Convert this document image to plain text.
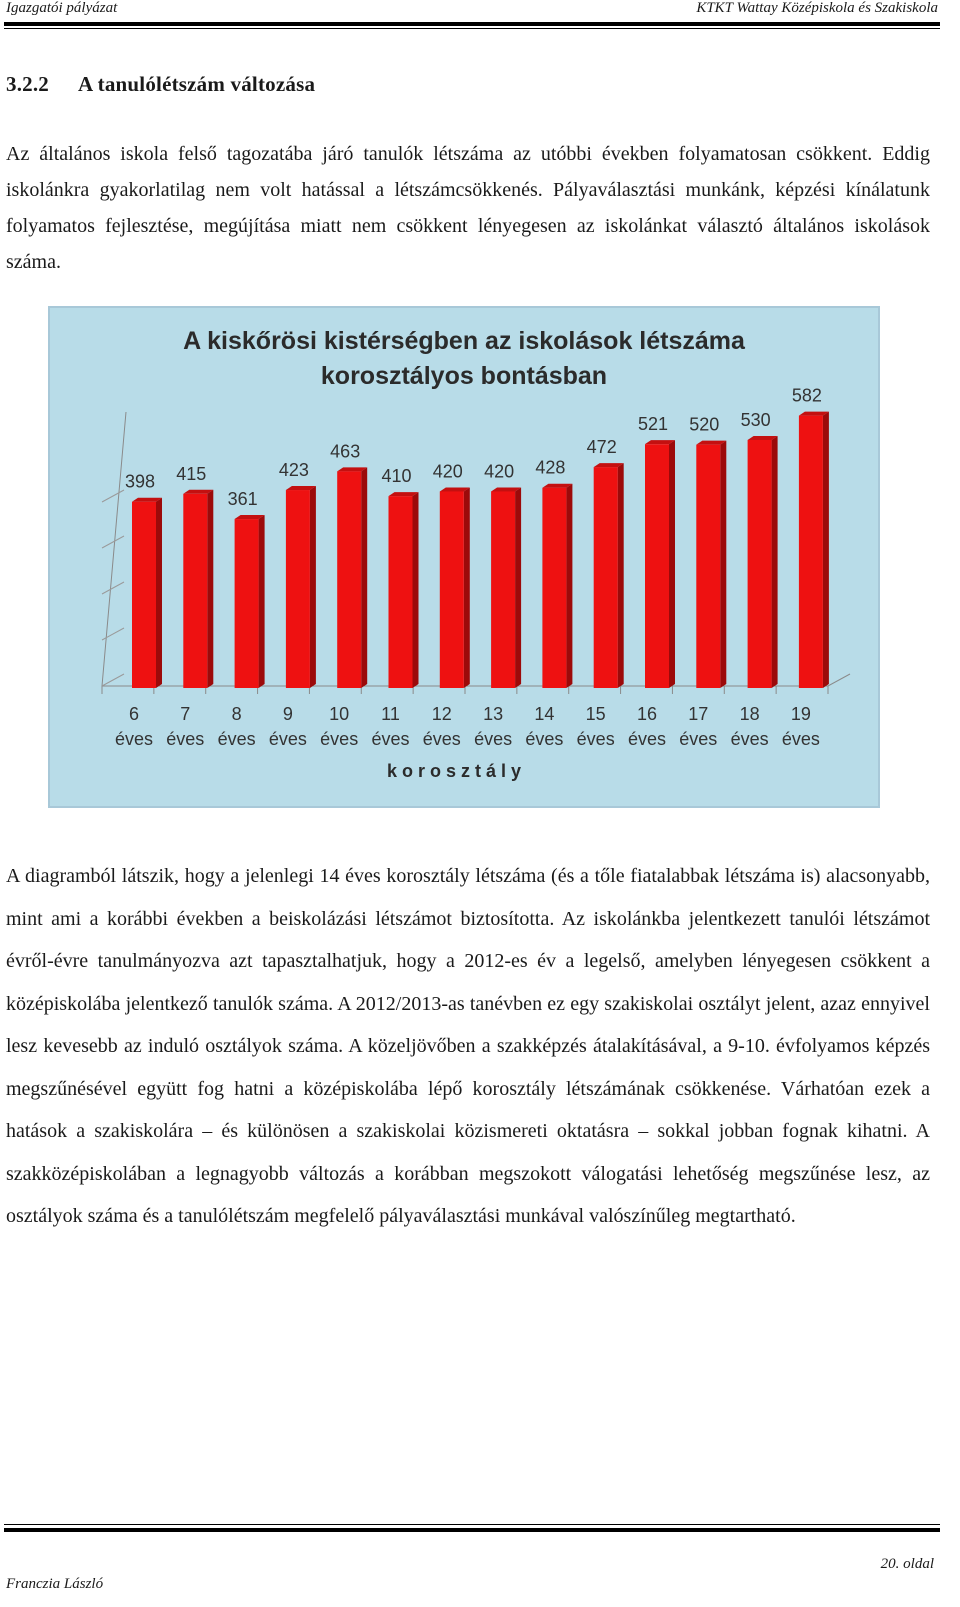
Igazgatói pályázat	KTKT Wattay Középiskola és Szakiskola
3.2.2 A tanulólétszám változása

Az általános iskola felső tagozatába járó tanulók létszáma az utóbbi években folyamatosan csökkent. Eddig iskolánkra gyakorlatilag nem volt hatással a létszámcsökkenés. Pályaválasztási munkánk, képzési kínálatunk folyamatos fejlesztése, megújítása miatt nem csökkent lényegesen az iskolánkat választó általános iskolások száma.

A kiskőrösi kistérségben az iskolások létszáma
korosztályos bontásban
398
6
éves
415
7
éves
361
8
éves
423
9
éves
463
10
éves
410
11
éves
420
12
éves
420
13
éves
428
14
éves
472
15
éves
521
16
éves
520
17
éves
530
18
éves
582
19
éves
k o r o s z t á l y

A diagramból látszik, hogy a jelenlegi 14 éves korosztály létszáma (és a tőle fiatalabbak létszáma is) alacsonyabb, mint ami a korábbi években a beiskolázási létszámot biztosította. Az iskolánkba jelentkezett tanulói létszámot évről-évre tanulmányozva azt tapasztalhatjuk, hogy a 2012-es év a legelső, amelyben lényegesen csökkent a középiskolába jelentkező tanulók száma. A 2012/2013-as tanévben ez egy szakiskolai osztályt jelent, azaz ennyivel lesz kevesebb az induló osztályok száma. A közeljövőben a szakképzés átalakításával, a 9-10. évfolyamos képzés megszűnésével együtt fog hatni a középiskolába lépő korosztály létszámának csökkenése. Várhatóan ezek a hatások a szakiskolára – és különösen a szakiskolai közismereti oktatásra – sokkal jobban fognak kihatni. A szakközépiskolában a legnagyobb változás a korábban megszokott válogatási lehetőség megszűnése lesz, az osztályok száma és a tanulólétszám megfelelő pályaválasztási munkával valószínűleg megtartható.

20. oldal
Franczia László
